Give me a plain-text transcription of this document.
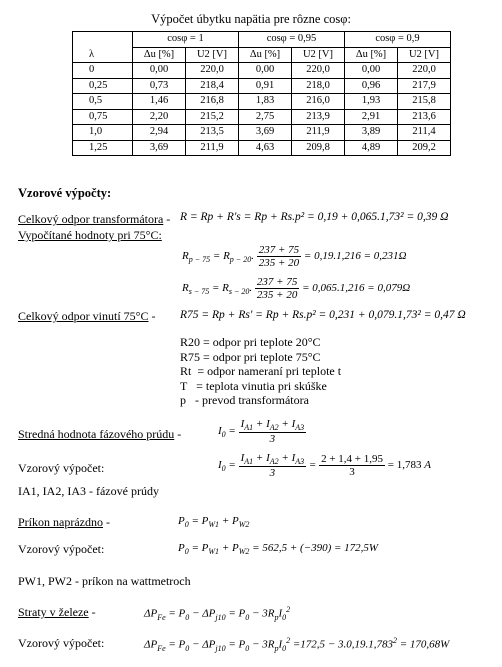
Výpočet úbytku napätia pre rôzne cosφ:
	cosφ = 1		cosφ = 0,95		cosφ = 0,9	
λ	Δu [%]	U2 [V]	Δu [%]	U2 [V]	Δu [%]	U2 [V]
0	0,00	220,0	0,00	220,0	0,00	220,0
0,25	0,73	218,4	0,91	218,0	0,96	217,9
0,5	1,46	216,8	1,83	216,0	1,93	215,8
0,75	2,20	215,2	2,75	213,9	2,91	213,6
1,0	2,94	213,5	3,69	211,9	3,89	211,4
1,25	3,69	211,9	4,63	209,8	4,89	209,2
Vzorové výpočty:
Celkový odpor transformátora - R = Rp + R's = Rp + Rs.p² = 0,19 + 0,065.1,73² = 0,39 Ω
Vypočítané hodnoty pri 75°C:
$R_{p - 75} = R_{p - 20}$. $\frac{237 + 75}{235 + 20} = 0,19.1,216 = 0,231\Omega$
$R_{s - 75} = R_{s - 20}$. $\frac{237 + 75}{235 + 20} = 0,065.1,216 = 0,079\Omega$
Celkový odpor vinutí 75°C - R75 = Rp + Rs' = Rp + Rs.p² = 0,231 + 0,079.1,73² = 0,47 Ω
R20 = odpor pri teplote 20°C
R75 = odpor pri teplote 75°C
Rt  = odpor nameraní pri teplote t
T   = teplota vinutia pri skúške
p   - prevod transformátora
Stredná hodnota fázového prúdu -	$I_0 = \frac{I_{A1} + I_{A2} + I_{A3}}{3}$
Vzorový výpočet:	$I_0 = \frac{I_{A1} + I_{A2} + I_{A3}}{3} = \frac{2 + 1,4 + 1,95}{3} = 1,783$ A
IA1, IA2, IA3 - fázové prúdy
Príkon naprázdno -	$P_0 = P_{W1} + P_{W2}$
Vzorový výpočet:	$P_0 = P_{W1} + P_{W2} = 562,5 + (-390) = 172,5W$
PW1, PW2 - príkon na wattmetroch
Straty v železe -	$\Delta P_{Fe} = P_0 - \Delta P_{j10} = P_0 - 3R_pI_0^2$
Vzorový výpočet:	$\Delta P_{Fe} = P_0 - \Delta P_{j10} = P_0 - 3R_pI_0^2 =172,5 - 3.0,19.1,783^2 = 170,68W$
